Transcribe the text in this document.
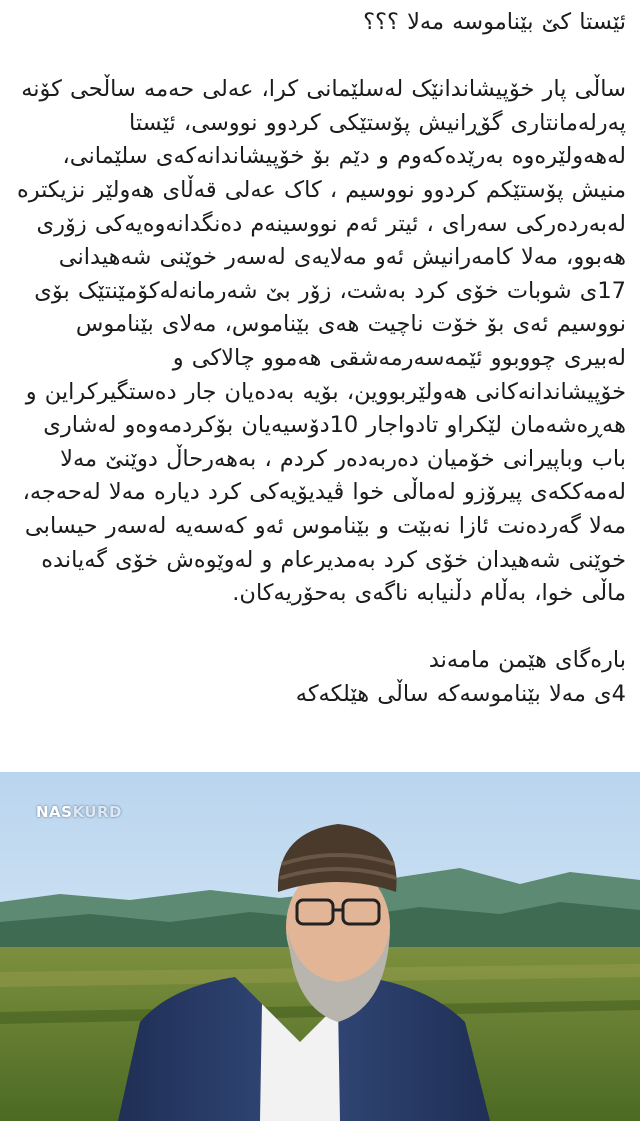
ئێستا کێ بێناموسە مەلا ؟؟؟

ساڵی پار خۆپیشاندانێک لەسلێمانی کرا، عەلی حەمە ساڵحی کۆنە پەرلەمانتاری گۆڕانیش پۆستێکی کردوو نووسی، ئێستا لەهەولێرەوە بەرێدەکەوم و دێم بۆ خۆپیشاندانەکەی سلێمانی، منیش پۆستێکم کردوو نووسیم ، کاک عەلی قەڵای هەولێر نزیکترە لەبەردەرکی سەرای ، ئیتر ئەم نووسینەم دەنگدانەوەیەکی زۆری هەبوو، مەلا کامەرانیش ئەو مەلایەی لەسەر خوێنی شەهیدانی 17ی شوبات خۆی کرد بەشت، زۆر بێ شەرمانەلەکۆمێنتێک بۆی نووسیم ئەی بۆ خۆت ناچیت هەی بێناموس، مەلای بێناموس لەبیری چووبوو ئێمەسەرمەشقی هەموو چالاکی و خۆپیشاندانەکانی هەولێربووین، بۆیە بەدەیان جار دەستگیرکراین و هەڕەشەمان لێکراو تادواجار 10دۆسیەیان بۆکردمەوەو لەشاری باب وباپیرانی خۆمیان دەربەدەر کردم ، بەهەرحاڵ دوێنێ مەلا لەمەککەی پیرۆزو لەماڵی خوا ڤیدیۆیەکی کرد دیارە مەلا لەحەجە، مەلا گەردەنت ئازا نەبێت و بێناموس ئەو کەسەیە لەسەر حیسابی خوێنی شەهیدان خۆی کرد بەمدیرعام و لەوێوەش خۆی گەیاندە ماڵی خوا، بەڵام دڵنیابە ناگەی بەحۆریەکان.

بارەگای هێمن مامەند

4ی مەلا بێناموسەکە ساڵی هێلکەکە

NASKURD
